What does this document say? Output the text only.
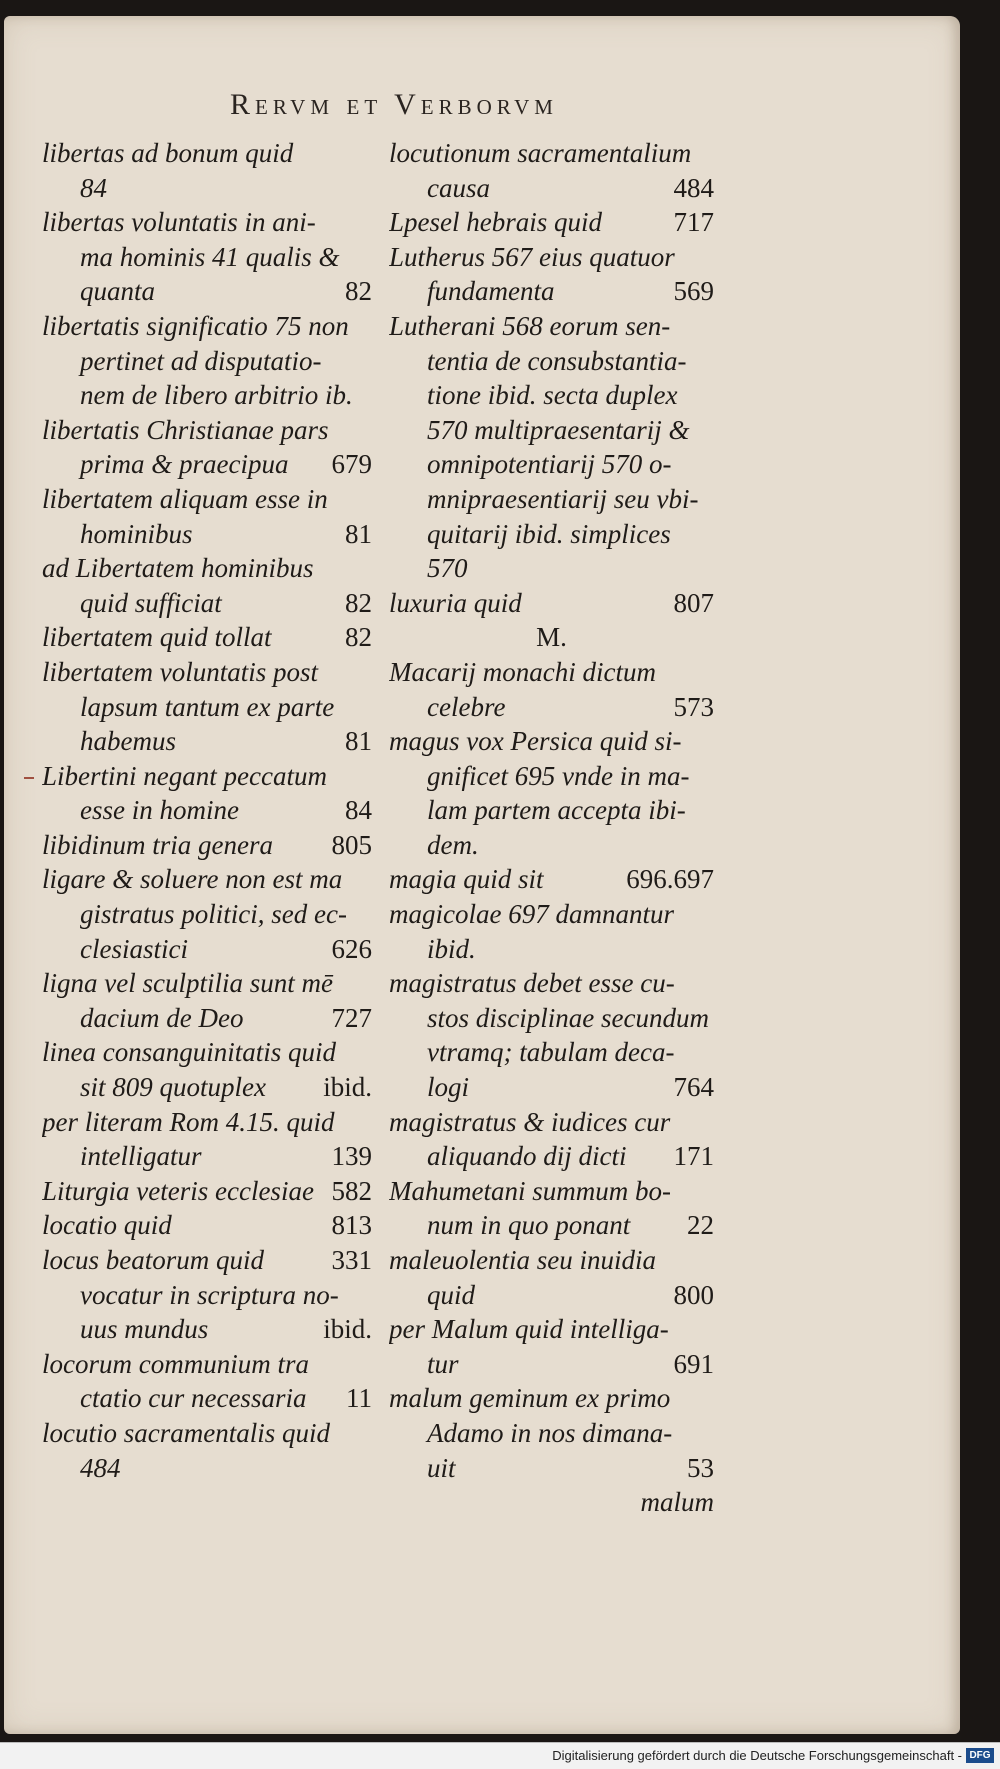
Rervm et Verborvm
libertas ad bonum quid
84
libertas voluntatis in ani-
ma hominis 41 qualis &
quanta	82
libertatis significatio 75 non
pertinet ad disputatio-
nem de libero arbitrio ib.
libertatis Christianae pars
prima & praecipua 679
libertatem aliquam esse in
hominibus	81
ad Libertatem hominibus
quid sufficiat	82
libertatem quid tollat	82
libertatem voluntatis post
lapsum tantum ex parte
habemus	81
Libertini negant peccatum
esse in homine	84
libidinum tria genera 805
ligare & soluere non est ma
gistratus politici, sed ec-
clesiastici	626
ligna vel sculptilia sunt mē
dacium de Deo	727
linea consanguinitatis quid
sit 809 quotuplex ibid.
per literam Rom 4.15. quid
intelligatur	139
Liturgia veteris ecclesiae 582
locatio quid	813
locus beatorum quid	331
vocatur in scriptura no-
uus mundus	ibid.
locorum communium tra
ctatio cur necessaria 11
locutio sacramentalis quid
484
locutionum sacramentalium
causa	484
Lpesel hebrais quid	717
Lutherus 567 eius quatuor
fundamenta	569
Lutherani 568 eorum sen-
tentia de consubstantia-
tione ibid. secta duplex
570 multipraesentarij &
omnipotentiarij 570 o-
mnipraesentiarij seu vbi-
quitarij ibid. simplices
570
luxuria quid	807
M.
Macarij monachi dictum
celebre	573
magus vox Persica quid si-
gnificet 695 vnde in ma-
lam partem accepta ibi-
dem.
magia quid sit	696.697
magicolae 697 damnantur
ibid.
magistratus debet esse cu-
stos disciplinae secundum
vtramq; tabulam deca-
logi	764
magistratus & iudices cur
aliquando dij dicti 171
Mahumetani summum bo-
num in quo ponant 22
maleuolentia seu inuidia
quid	800
per Malum quid intelliga-
tur	691
malum geminum ex primo
Adamo in nos dimana-
uit	53
malum
Digitalisierung gefördert durch die Deutsche Forschungsgemeinschaft - DFG
